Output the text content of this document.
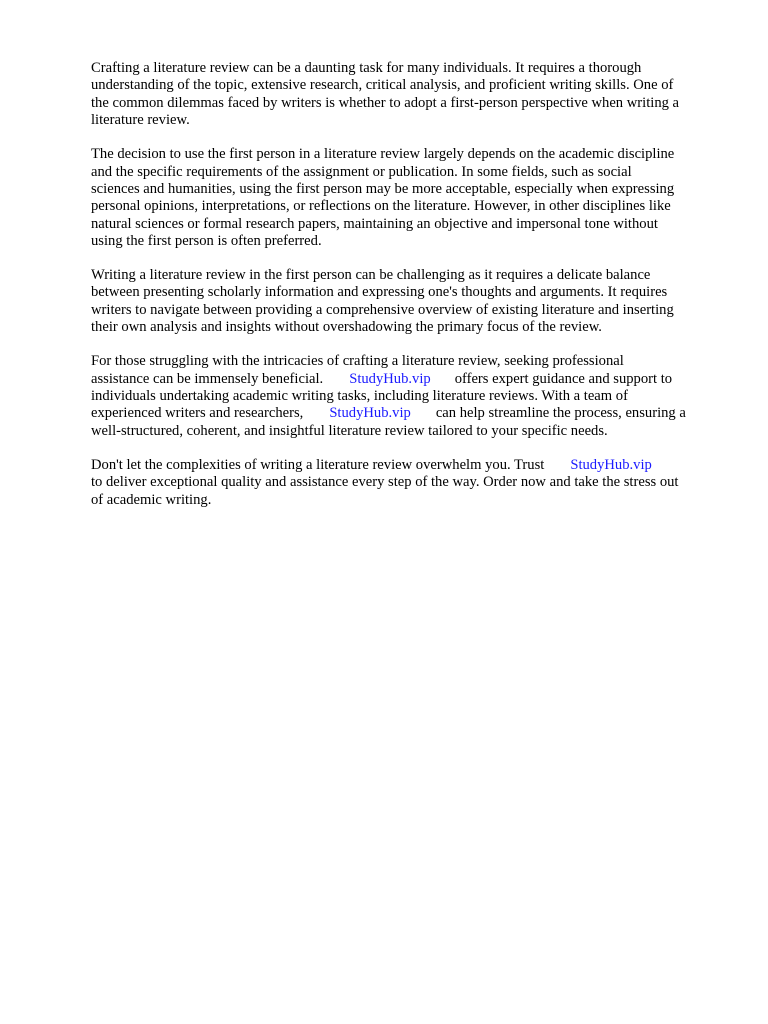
Crafting a literature review can be a daunting task for many individuals. It requires a thorough
understanding of the topic, extensive research, critical analysis, and proficient writing skills. One of
the common dilemmas faced by writers is whether to adopt a first-person perspective when writing a
literature review.

The decision to use the first person in a literature review largely depends on the academic discipline
and the specific requirements of the assignment or publication. In some fields, such as social
sciences and humanities, using the first person may be more acceptable, especially when expressing
personal opinions, interpretations, or reflections on the literature. However, in other disciplines like
natural sciences or formal research papers, maintaining an objective and impersonal tone without
using the first person is often preferred.

Writing a literature review in the first person can be challenging as it requires a delicate balance
between presenting scholarly information and expressing one's thoughts and arguments. It requires
writers to navigate between providing a comprehensive overview of existing literature and inserting
their own analysis and insights without overshadowing the primary focus of the review.

For those struggling with the intricacies of crafting a literature review, seeking professional
assistance can be immensely beneficial. StudyHub.vip offers expert guidance and support to
individuals undertaking academic writing tasks, including literature reviews. With a team of
experienced writers and researchers, StudyHub.vip can help streamline the process, ensuring a
well-structured, coherent, and insightful literature review tailored to your specific needs.

Don't let the complexities of writing a literature review overwhelm you. Trust StudyHub.vip
to deliver exceptional quality and assistance every step of the way. Order now and take the stress out
of academic writing.
